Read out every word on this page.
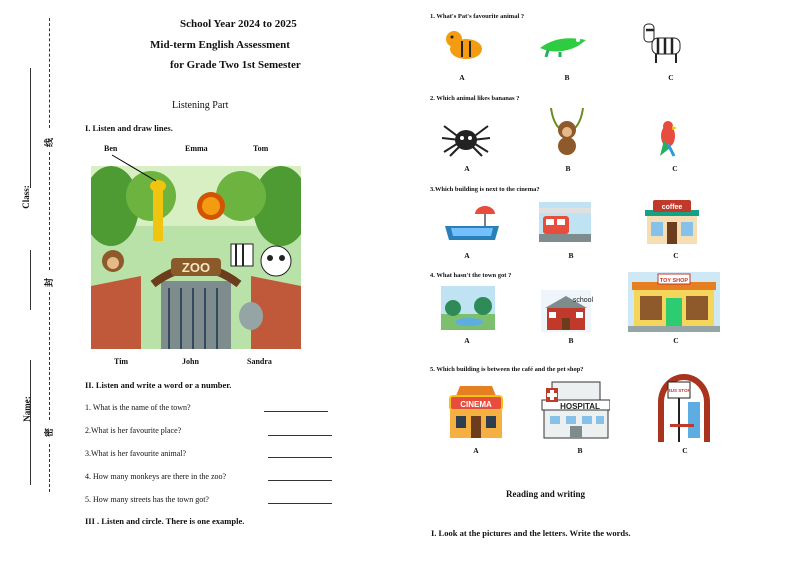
Class:
Name:
线
封
密
School Year 2024 to 2025
Mid-term English Assessment
for Grade Two 1st Semester
Listening Part
I. Listen and draw lines.
Ben	Emma	Tom
ZOO
Tim	John	Sandra
II. Listen and write a word or a number.
1. What is the name of the town?
2.What is her favourite place?
3.What is her favourite animal?
4. How many monkeys are there in the zoo?
5. How many streets has the town got?
III . Listen and circle. There is one example.
1. What's Pat's favourite animal ?
A	B	C
2. Which animal likes bananas ?
A	B	C
3.Which building is next to the cinema?
coffee
A	B	C
4. What hasn't the town got ?
school
TOY SHOP
A	B	C
5. Which building is between the café and the pet shop?
CINEMA	HOSPITAL
BUS STOP
A	B	C
Reading and writing
I. Look at the pictures and the letters. Write the words.
